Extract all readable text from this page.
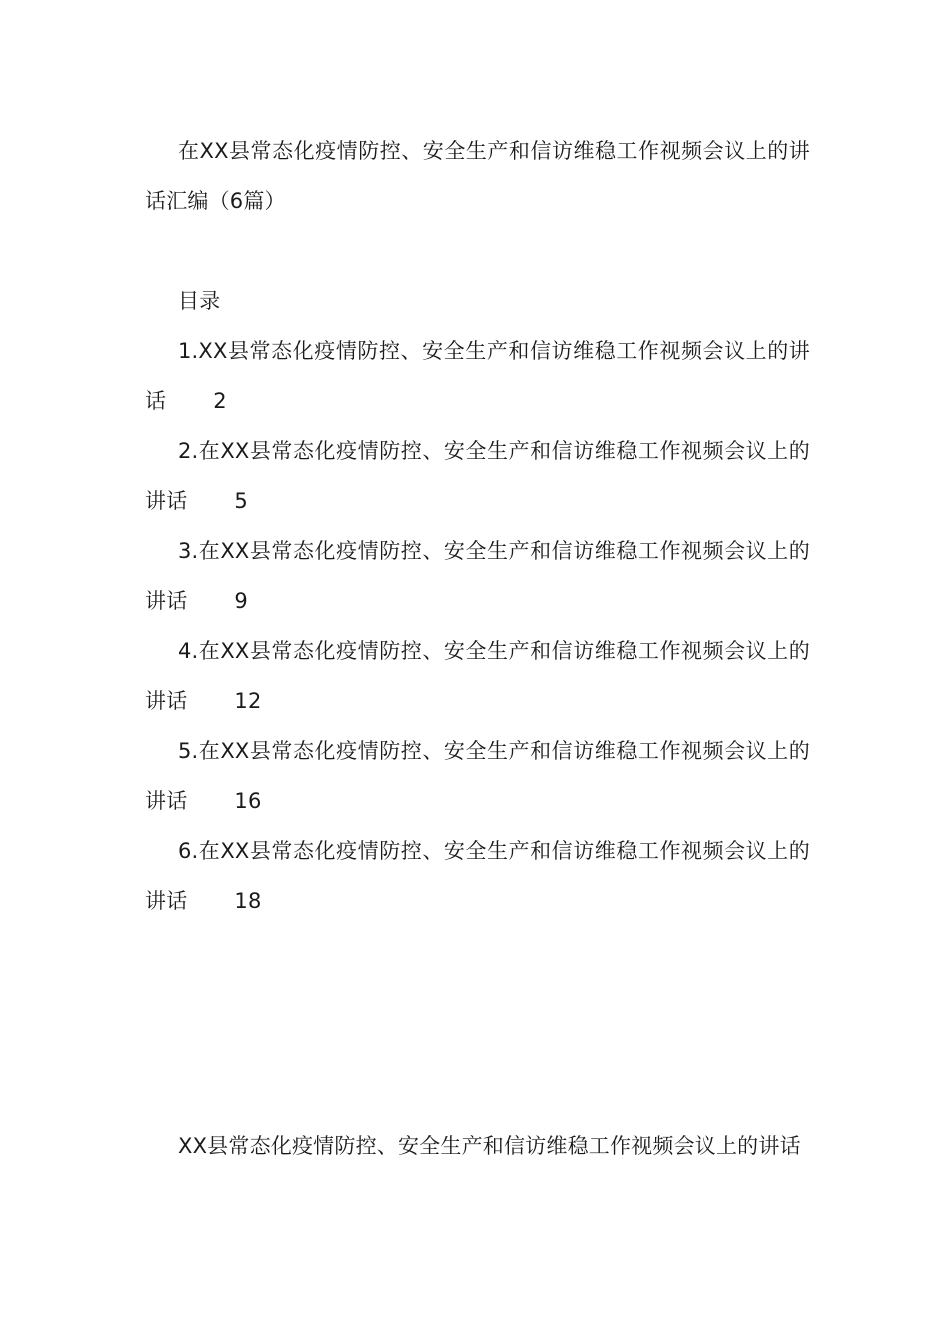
在XX县常态化疫情防控、安全生产和信访维稳工作视频会议上的讲话汇编（6篇）

目录

1.XX县常态化疫情防控、安全生产和信访维稳工作视频会议上的讲话 2

2.在XX县常态化疫情防控、安全生产和信访维稳工作视频会议上的讲话 5

3.在XX县常态化疫情防控、安全生产和信访维稳工作视频会议上的讲话 9

4.在XX县常态化疫情防控、安全生产和信访维稳工作视频会议上的讲话 12

5.在XX县常态化疫情防控、安全生产和信访维稳工作视频会议上的讲话 16

6.在XX县常态化疫情防控、安全生产和信访维稳工作视频会议上的讲话 18

XX县常态化疫情防控、安全生产和信访维稳工作视频会议上的讲话
